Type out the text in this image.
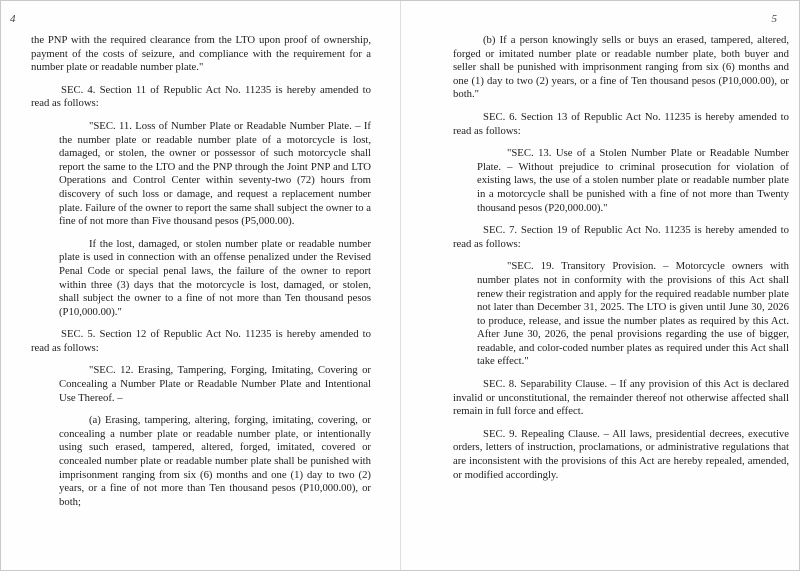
4

the PNP with the required clearance from the LTO upon proof of ownership, payment of the costs of seizure, and compliance with the requirement for a number plate or readable number plate."

SEC. 4. Section 11 of Republic Act No. 11235 is hereby amended to read as follows:

"SEC. 11. Loss of Number Plate or Readable Number Plate. – If the number plate or readable number plate of a motorcycle is lost, damaged, or stolen, the owner or possessor of such motorcycle shall report the same to the LTO and the PNP through the Joint PNP and LTO Operations and Control Center within seventy-two (72) hours from discovery of such loss or damage, and request a replacement number plate. Failure of the owner to report the same shall subject the owner to a fine of not more than Five thousand pesos (P5,000.00).

If the lost, damaged, or stolen number plate or readable number plate is used in connection with an offense penalized under the Revised Penal Code or special penal laws, the failure of the owner to report within three (3) days that the motorcycle is lost, damaged, or stolen, shall subject the owner to a fine of not more than Ten thousand pesos (P10,000.00)."

SEC. 5. Section 12 of Republic Act No. 11235 is hereby amended to read as follows:

"SEC. 12. Erasing, Tampering, Forging, Imitating, Covering or Concealing a Number Plate or Readable Number Plate and Intentional Use Thereof. –

(a) Erasing, tampering, altering, forging, imitating, covering, or concealing a number plate or readable number plate, or intentionally using such erased, tampered, altered, forged, imitated, covered or concealed number plate or readable number plate shall be punished with imprisonment ranging from six (6) months and one (1) day to two (2) years, or a fine of not more than Ten thousand pesos (P10,000.00), or both;

5

(b) If a person knowingly sells or buys an erased, tampered, altered, forged or imitated number plate or readable number plate, both buyer and seller shall be punished with imprisonment ranging from six (6) months and one (1) day to two (2) years, or a fine of Ten thousand pesos (P10,000.00), or both."

SEC. 6. Section 13 of Republic Act No. 11235 is hereby amended to read as follows:

"SEC. 13. Use of a Stolen Number Plate or Readable Number Plate. – Without prejudice to criminal prosecution for violation of existing laws, the use of a stolen number plate or readable number plate in a motorcycle shall be punished with a fine of not more than Twenty thousand pesos (P20,000.00)."

SEC. 7. Section 19 of Republic Act No. 11235 is hereby amended to read as follows:

"SEC. 19. Transitory Provision. – Motorcycle owners with number plates not in conformity with the provisions of this Act shall renew their registration and apply for the required readable number plate not later than December 31, 2025. The LTO is given until June 30, 2026 to produce, release, and issue the number plates as required by this Act. After June 30, 2026, the penal provisions regarding the use of bigger, readable, and color-coded number plates as required under this Act shall take effect."

SEC. 8. Separability Clause. – If any provision of this Act is declared invalid or unconstitutional, the remainder thereof not otherwise affected shall remain in full force and effect.

SEC. 9. Repealing Clause. – All laws, presidential decrees, executive orders, letters of instruction, proclamations, or administrative regulations that are inconsistent with the provisions of this Act are hereby repealed, amended, or modified accordingly.
